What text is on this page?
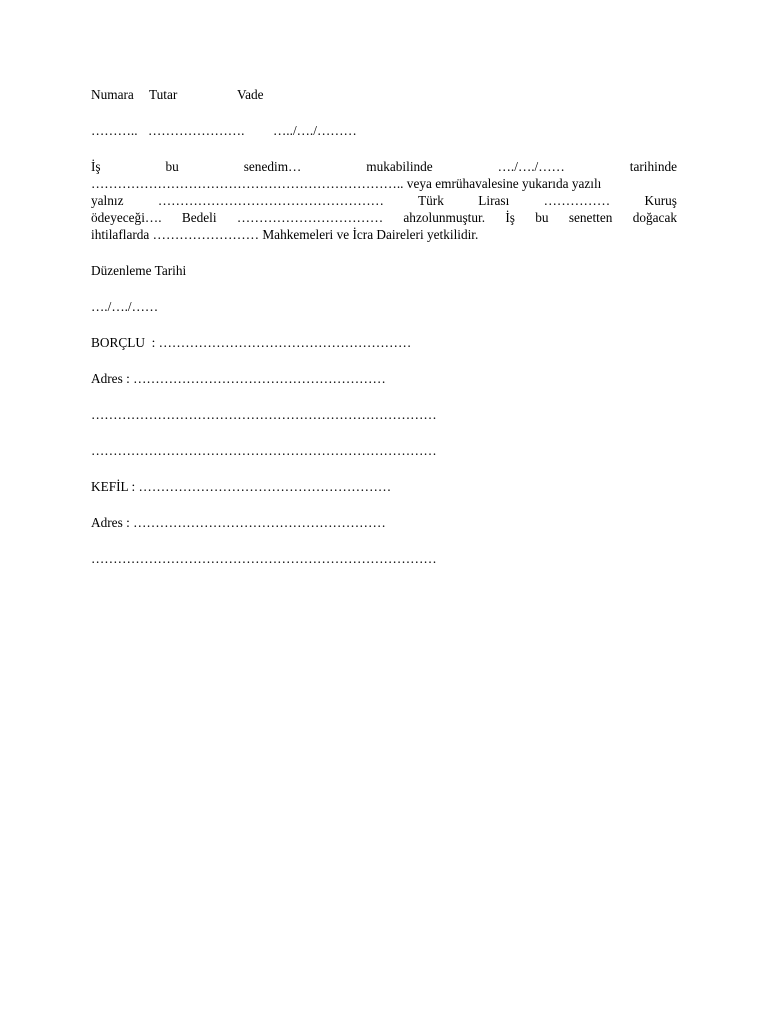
Numara Tutar	Vade
……….. …………………. …../…./………

İş	bu	senedim…	mukabilinde	…./…./……	tarihinde

…………………………………………………………….. veya emrühavalesine yukarıda yazılı

yalnız	……………………………………………	Türk	Lirası	……………	Kuruş

ödeyeceği…. Bedeli …………………………… ahzolunmuştur. İş bu senetten doğacak

ihtilaflarda …………………… Mahkemeleri ve İcra Daireleri yetkilidir.

Düzenleme Tarihi

…./…./……

BORÇLU  : …………………………………………………

Adres : …………………………………………………

……………………………………………………………………

……………………………………………………………………

KEFİL : …………………………………………………

Adres : …………………………………………………

……………………………………………………………………
